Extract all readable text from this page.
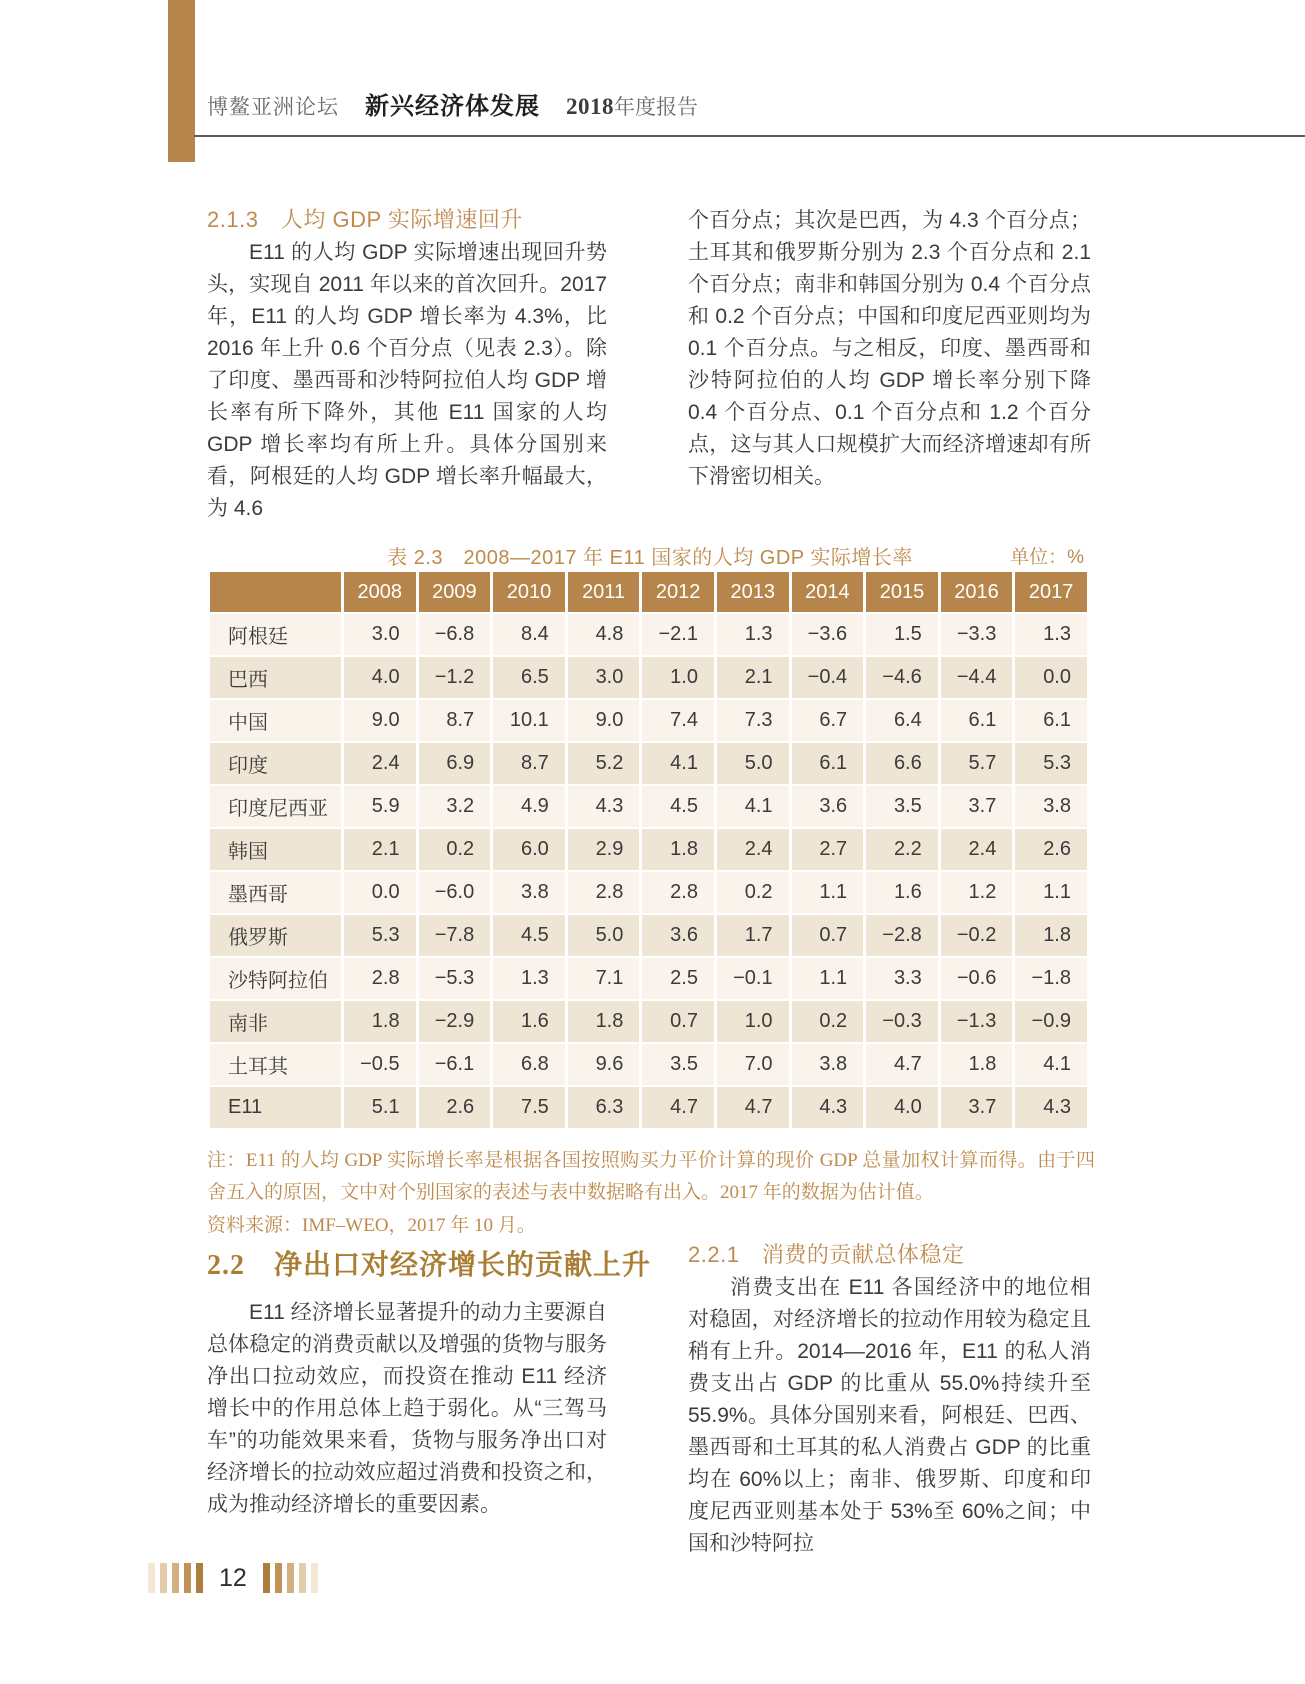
博鳌亚洲论坛 新兴经济体发展 2018年度报告
2.1.3　人均 GDP 实际增速回升
E11 的人均 GDP 实际增速出现回升势头，实现自 2011 年以来的首次回升。2017 年，E11 的人均 GDP 增长率为 4.3%，比 2016 年上升 0.6 个百分点（见表 2.3）。除了印度、墨西哥和沙特阿拉伯人均 GDP 增长率有所下降外，其他 E11 国家的人均 GDP 增长率均有所上升。具体分国别来看，阿根廷的人均 GDP 增长率升幅最大，为 4.6
个百分点；其次是巴西，为 4.3 个百分点；土耳其和俄罗斯分别为 2.3 个百分点和 2.1 个百分点；南非和韩国分别为 0.4 个百分点和 0.2 个百分点；中国和印度尼西亚则均为 0.1 个百分点。与之相反，印度、墨西哥和沙特阿拉伯的人均 GDP 增长率分别下降 0.4 个百分点、0.1 个百分点和 1.2 个百分点，这与其人口规模扩大而经济增速却有所下滑密切相关。
表 2.3　2008—2017 年 E11 国家的人均 GDP 实际增长率	单位：%
	2008	2009	2010	2011	2012	2013	2014	2015	2016	2017
阿根廷	3.0	−6.8	8.4	4.8	−2.1	1.3	−3.6	1.5	−3.3	1.3
巴西	4.0	−1.2	6.5	3.0	1.0	2.1	−0.4	−4.6	−4.4	0.0
中国	9.0	8.7	10.1	9.0	7.4	7.3	6.7	6.4	6.1	6.1
印度	2.4	6.9	8.7	5.2	4.1	5.0	6.1	6.6	5.7	5.3
印度尼西亚	5.9	3.2	4.9	4.3	4.5	4.1	3.6	3.5	3.7	3.8
韩国	2.1	0.2	6.0	2.9	1.8	2.4	2.7	2.2	2.4	2.6
墨西哥	0.0	−6.0	3.8	2.8	2.8	0.2	1.1	1.6	1.2	1.1
俄罗斯	5.3	−7.8	4.5	5.0	3.6	1.7	0.7	−2.8	−0.2	1.8
沙特阿拉伯	2.8	−5.3	1.3	7.1	2.5	−0.1	1.1	3.3	−0.6	−1.8
南非	1.8	−2.9	1.6	1.8	0.7	1.0	0.2	−0.3	−1.3	−0.9
土耳其	−0.5	−6.1	6.8	9.6	3.5	7.0	3.8	4.7	1.8	4.1
E11	5.1	2.6	7.5	6.3	4.7	4.7	4.3	4.0	3.7	4.3
注：E11 的人均 GDP 实际增长率是根据各国按照购买力平价计算的现价 GDP 总量加权计算而得。由于四舍五入的原因，文中对个别国家的表述与表中数据略有出入。2017 年的数据为估计值。
资料来源：IMF–WEO，2017 年 10 月。
2.2　净出口对经济增长的贡献上升
E11 经济增长显著提升的动力主要源自总体稳定的消费贡献以及增强的货物与服务净出口拉动效应，而投资在推动 E11 经济增长中的作用总体上趋于弱化。从“三驾马车”的功能效果来看，货物与服务净出口对经济增长的拉动效应超过消费和投资之和，成为推动经济增长的重要因素。
2.2.1　消费的贡献总体稳定
消费支出在 E11 各国经济中的地位相对稳固，对经济增长的拉动作用较为稳定且稍有上升。2014—2016 年，E11 的私人消费支出占 GDP 的比重从 55.0%持续升至 55.9%。具体分国别来看，阿根廷、巴西、墨西哥和土耳其的私人消费占 GDP 的比重均在 60%以上；南非、俄罗斯、印度和印度尼西亚则基本处于 53%至 60%之间；中国和沙特阿拉
12
